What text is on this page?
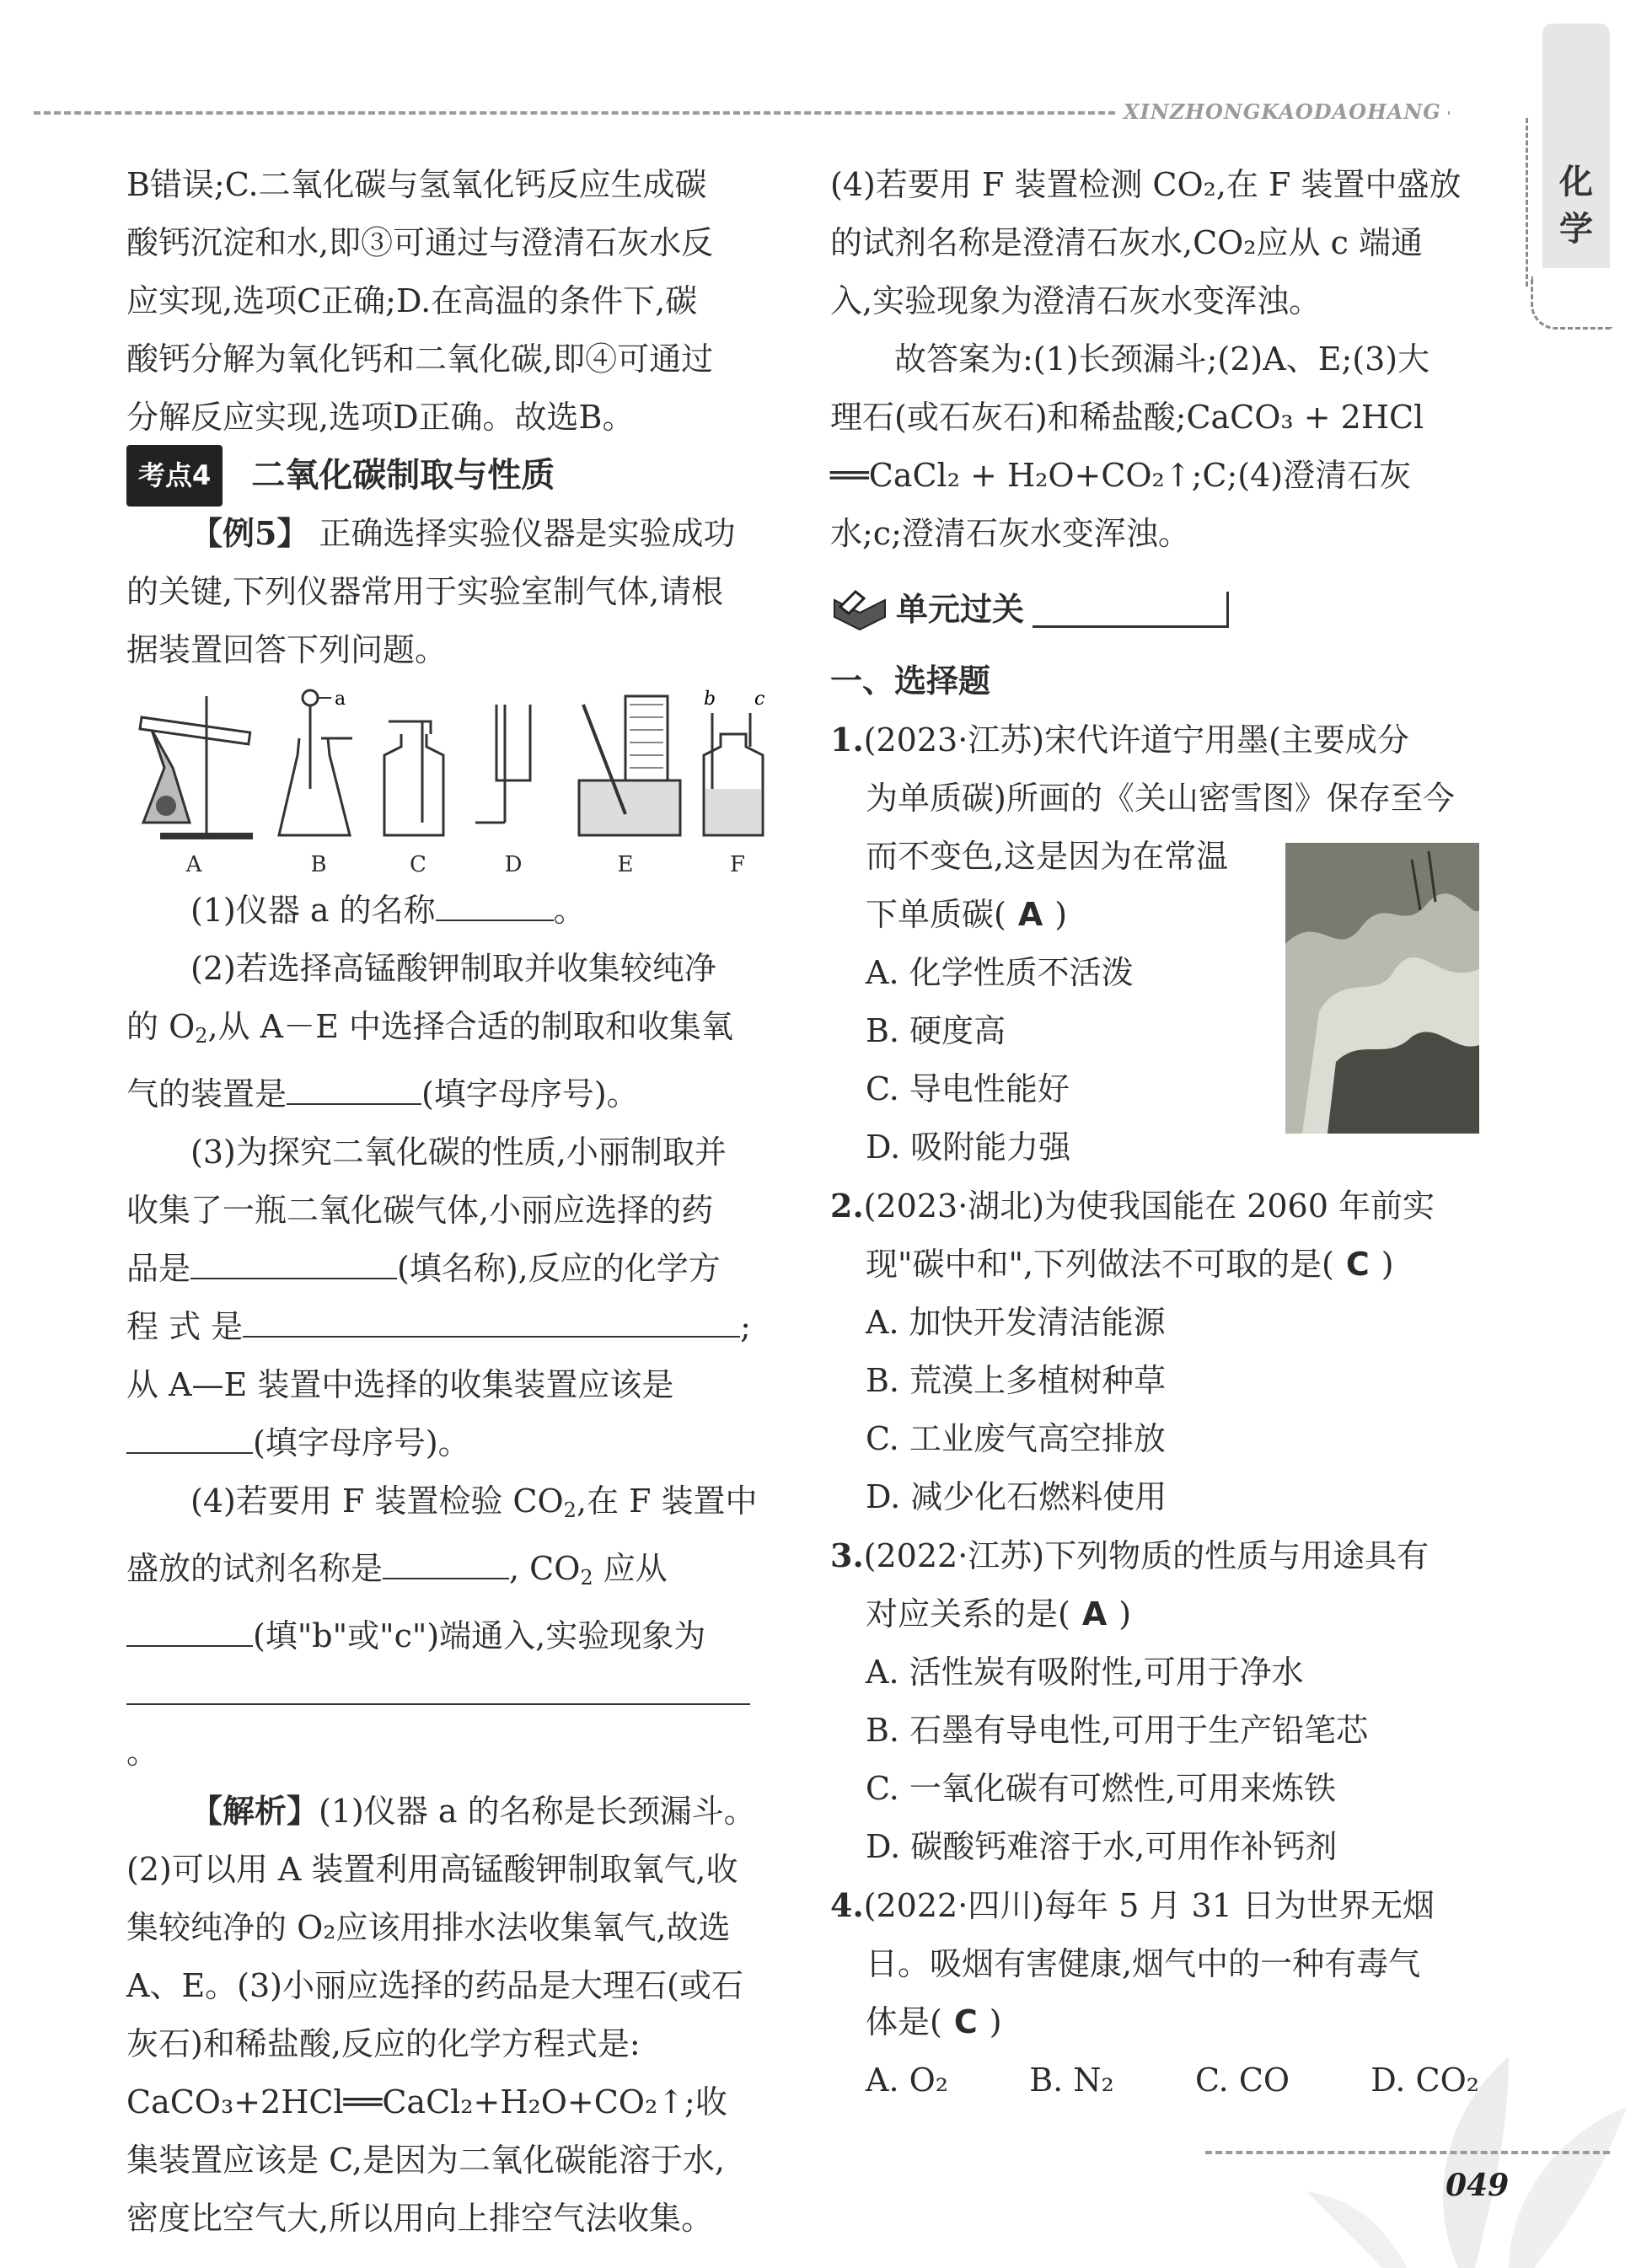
XINZHONGKAODAOHANG
化学

B错误;C.二氧化碳与氢氧化钙反应生成碳

酸钙沉淀和水,即③可通过与澄清石灰水反

应实现,选项C正确;D.在高温的条件下,碳

酸钙分解为氧化钙和二氧化碳,即④可通过

分解反应实现,选项D正确。故选B。

考点4	二氧化碳制取与性质

【例5】 正确选择实验仪器是实验成功

的关键,下列仪器常用于实验室制气体,请根

据装置回答下列问题。

A
a
B	C	D	E
b c
F

(1)仪器 a 的名称	。

(2)若选择高锰酸钾制取并收集较纯净

的 $O_2$,从 A－E 中选择合适的制取和收集氧

气的装置是	(填字母序号)。

(3)为探究二氧化碳的性质,小丽制取并

收集了一瓶二氧化碳气体,小丽应选择的药

品是	(填名称),反应的化学方

程 式 是	;

从 A—E 装置中选择的收集装置应该是

(填字母序号)。

(4)若要用 F 装置检验 $CO_2$,在 F 装置中

盛放的试剂名称是	, $CO_2$ 应从

(填"b"或"c")端通入,实验现象为

。

【解析】(1)仪器 a 的名称是长颈漏斗。

(2)可以用 A 装置利用高锰酸钾制取氧气,收

集较纯净的 O₂应该用排水法收集氧气,故选

A、E。(3)小丽应选择的药品是大理石(或石

灰石)和稀盐酸,反应的化学方程式是:

CaCO₃+2HCl══CaCl₂+H₂O+CO₂↑;收

集装置应该是 C,是因为二氧化碳能溶于水,

密度比空气大,所以用向上排空气法收集。

(4)若要用 F 装置检测 CO₂,在 F 装置中盛放

的试剂名称是澄清石灰水,CO₂应从 c 端通

入,实验现象为澄清石灰水变浑浊。

故答案为:(1)长颈漏斗;(2)A、E;(3)大

理石(或石灰石)和稀盐酸;CaCO₃ + 2HCl

══CaCl₂ + H₂O+CO₂↑;C;(4)澄清石灰

水;c;澄清石灰水变浑浊。

单元过关

一、选择题

1.(2023·江苏)宋代许道宁用墨(主要成分

为单质碳)所画的《关山密雪图》保存至今

而不变色,这是因为在常温

下单质碳( A )

A. 化学性质不活泼

B. 硬度高

C. 导电性能好

D. 吸附能力强

2.(2023·湖北)为使我国能在 2060 年前实

现"碳中和",下列做法不可取的是( C )

A. 加快开发清洁能源

B. 荒漠上多植树种草

C. 工业废气高空排放

D. 减少化石燃料使用

3.(2022·江苏)下列物质的性质与用途具有

对应关系的是( A )

A. 活性炭有吸附性,可用于净水

B. 石墨有导电性,可用于生产铅笔芯

C. 一氧化碳有可燃性,可用来炼铁

D. 碳酸钙难溶于水,可用作补钙剂

4.(2022·四川)每年 5 月 31 日为世界无烟

日。吸烟有害健康,烟气中的一种有毒气

体是( C )

A. O₂	B. N₂	C. CO	D. CO₂
049
